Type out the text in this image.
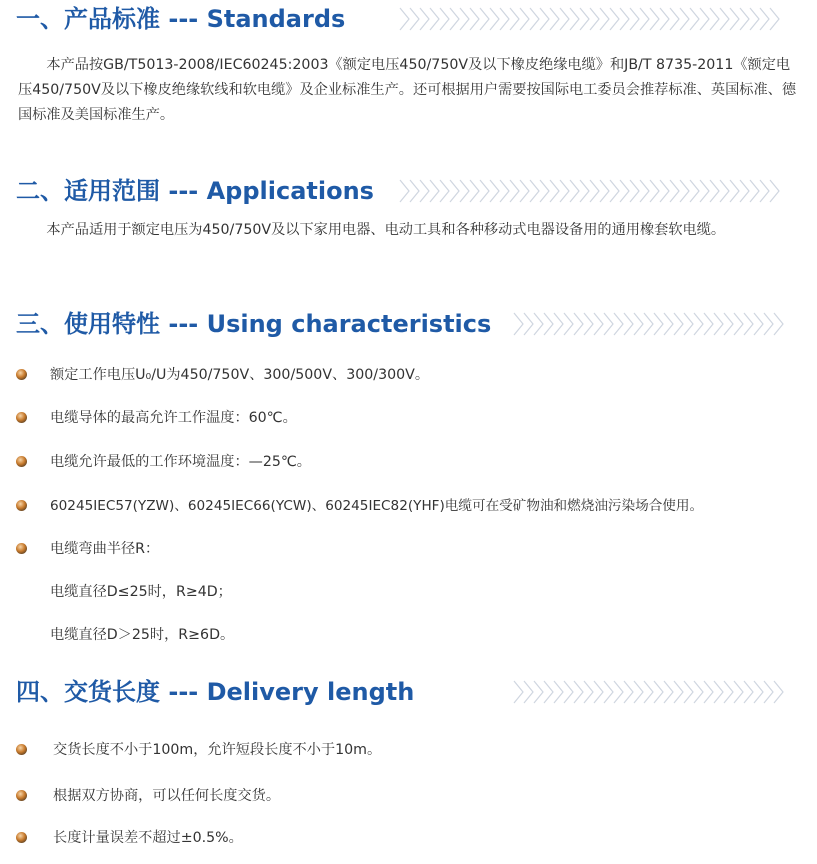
一、产品标准 --- Standards
本产品按GB/T5013-2008/IEC60245:2003《额定电压450/750V及以下橡皮绝缘电缆》和JB/T 8735-2011《额定电压450/750V及以下橡皮绝缘软线和软电缆》及企业标准生产。还可根据用户需要按国际电工委员会推荐标准、英国标准、德国标准及美国标准生产。
二、适用范围 --- Applications
本产品适用于额定电压为450/750V及以下家用电器、电动工具和各种移动式电器设备用的通用橡套软电缆。
三、使用特性 --- Using characteristics
额定工作电压U₀/U为450/750V、300/500V、300/300V。
电缆导体的最高允许工作温度：60℃。
电缆允许最低的工作环境温度：—25℃。
60245IEC57(YZW)、60245IEC66(YCW)、60245IEC82(YHF)电缆可在受矿物油和燃烧油污染场合使用。
电缆弯曲半径R：
电缆直径D≤25时，R≥4D；
电缆直径D＞25时，R≥6D。
四、交货长度 --- Delivery length
交货长度不小于100m，允许短段长度不小于10m。
根据双方协商，可以任何长度交货。
长度计量误差不超过±0.5%。
